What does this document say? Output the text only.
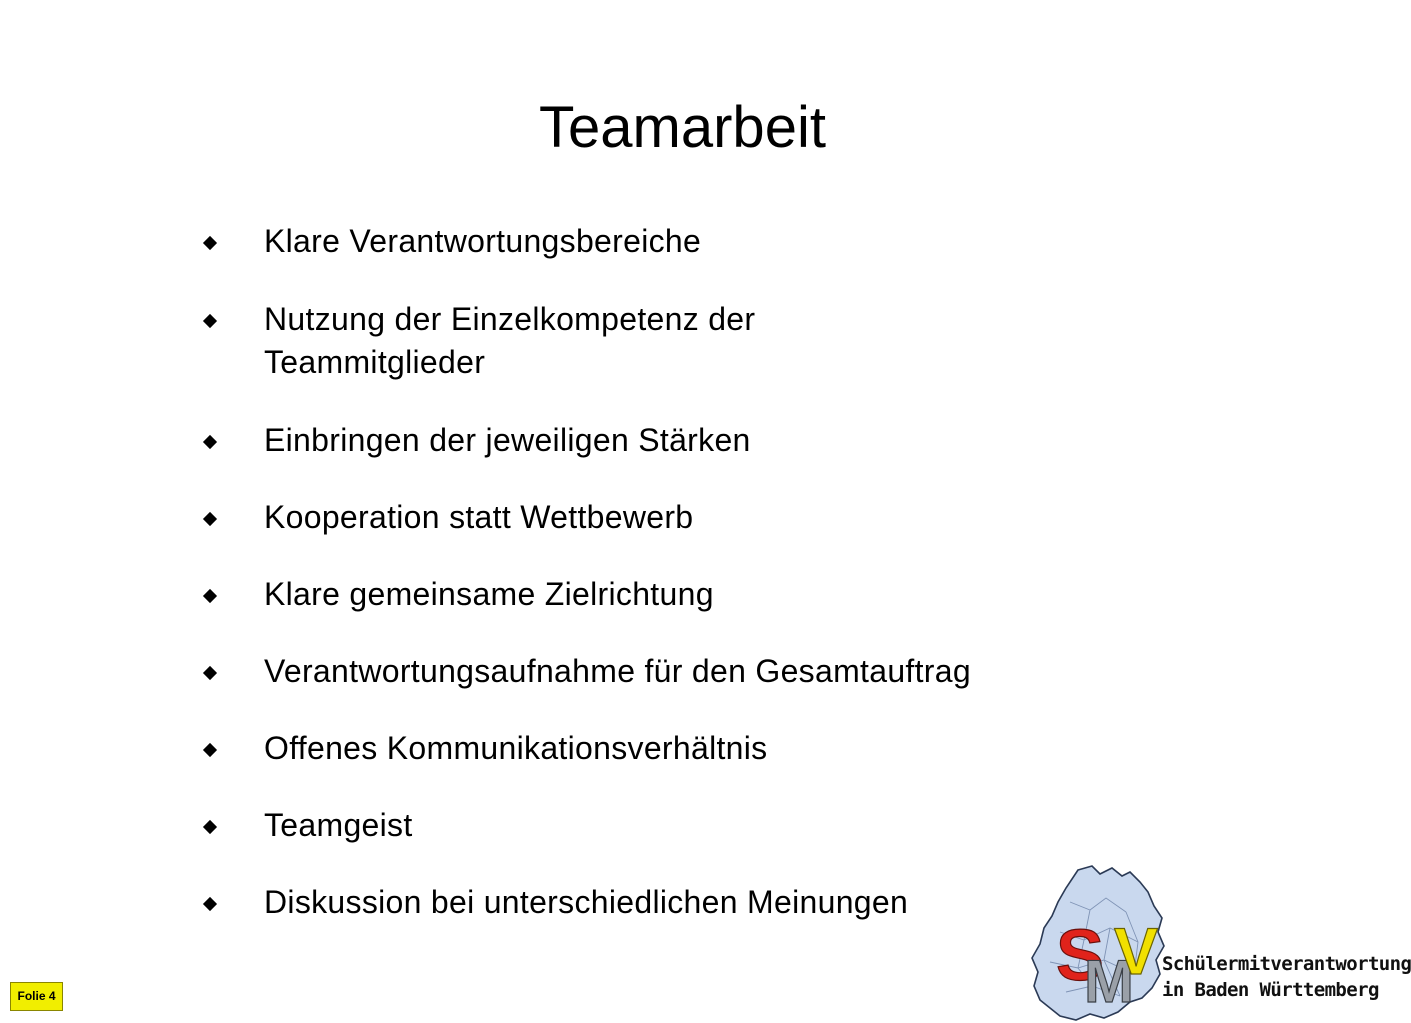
Teamarbeit
Klare Verantwortungsbereiche
Nutzung der Einzelkompetenz der Teammitglieder
Einbringen der jeweiligen Stärken
Kooperation statt Wettbewerb
Klare gemeinsame Zielrichtung
Verantwortungsaufnahme für den Gesamtauftrag
Offenes Kommunikationsverhältnis
Teamgeist
Diskussion bei unterschiedlichen Meinungen
Folie 4	S
M
V Schülermitverantwortung
in Baden Württemberg
